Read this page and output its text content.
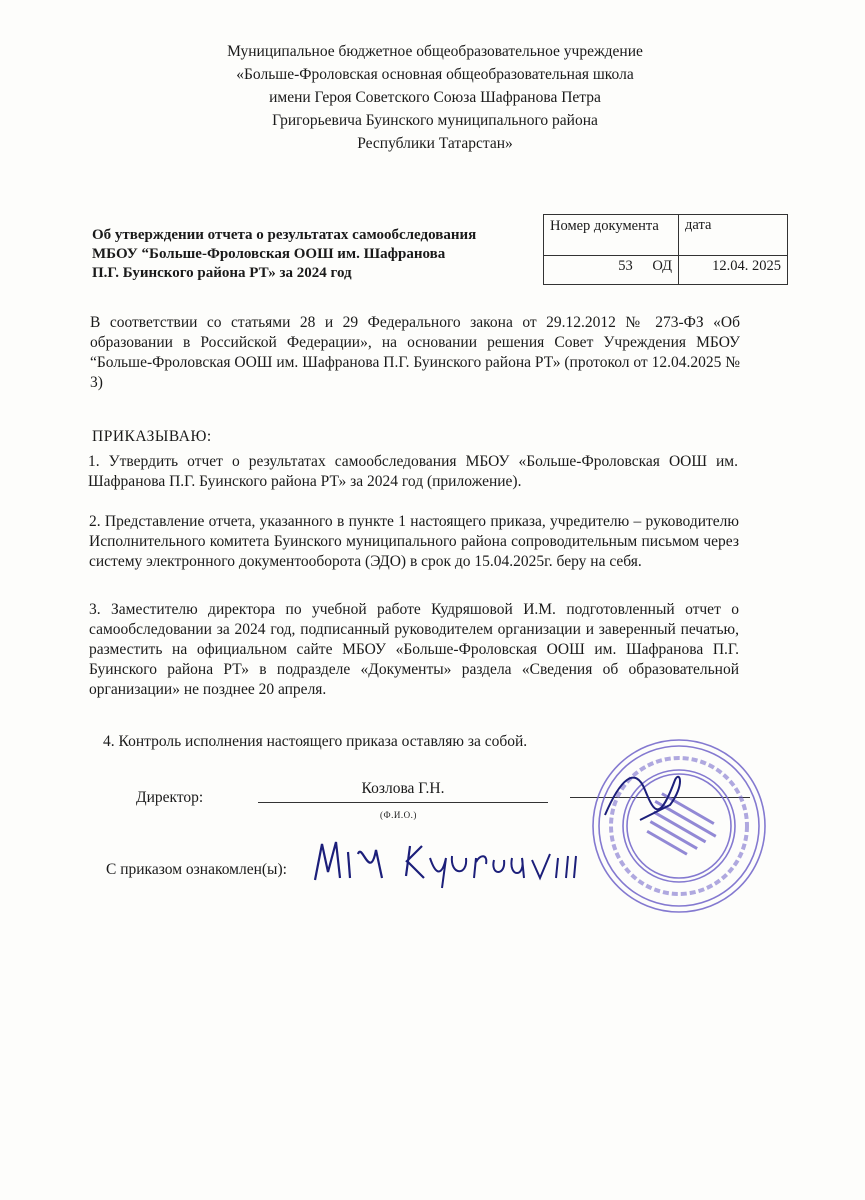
Муниципальное бюджетное общеобразовательное учреждение
«Больше-Фроловская основная общеобразовательная школа
имени Героя Советского Союза Шафранова Петра
Григорьевича Буинского муниципального района
Республики Татарстан»
Об утверждении отчета о результатах самообследования
МБОУ “Больше-Фроловская ООШ им. Шафранова
П.Г. Буинского района РТ» за 2024 год
Номер документа	дата
53 ОД	12.04. 2025
В соответствии со статьями 28 и 29 Федерального закона от 29.12.2012 № 273-ФЗ «Об образовании в Российской Федерации», на основании решения Совет Учреждения МБОУ “Больше-Фроловская ООШ им. Шафранова П.Г. Буинского района РТ» (протокол от 12.04.2025 № 3)
ПРИКАЗЫВАЮ:
1. Утвердить отчет о результатах самообследования МБОУ «Больше-Фроловская ООШ им. Шафранова П.Г. Буинского района РТ» за 2024 год (приложение).
2. Представление отчета, указанного в пункте 1 настоящего приказа, учредителю – руководителю Исполнительного комитета Буинского муниципального района сопроводительным письмом через систему электронного документооборота (ЭДО) в срок до 15.04.2025г. беру на себя.
3. Заместителю директора по учебной работе Кудряшовой И.М. подготовленный отчет о самообследовании за 2024 год, подписанный руководителем организации и заверенный печатью, разместить на официальном сайте МБОУ «Больше-Фроловская ООШ им. Шафранова П.Г. Буинского района РТ» в подразделе «Документы» раздела «Сведения об образовательной организации» не позднее 20 апреля.
4. Контроль исполнения настоящего приказа оставляю за собой.
Директор:
Козлова Г.Н.
(Ф.И.О.)
С приказом ознакомлен(ы):
